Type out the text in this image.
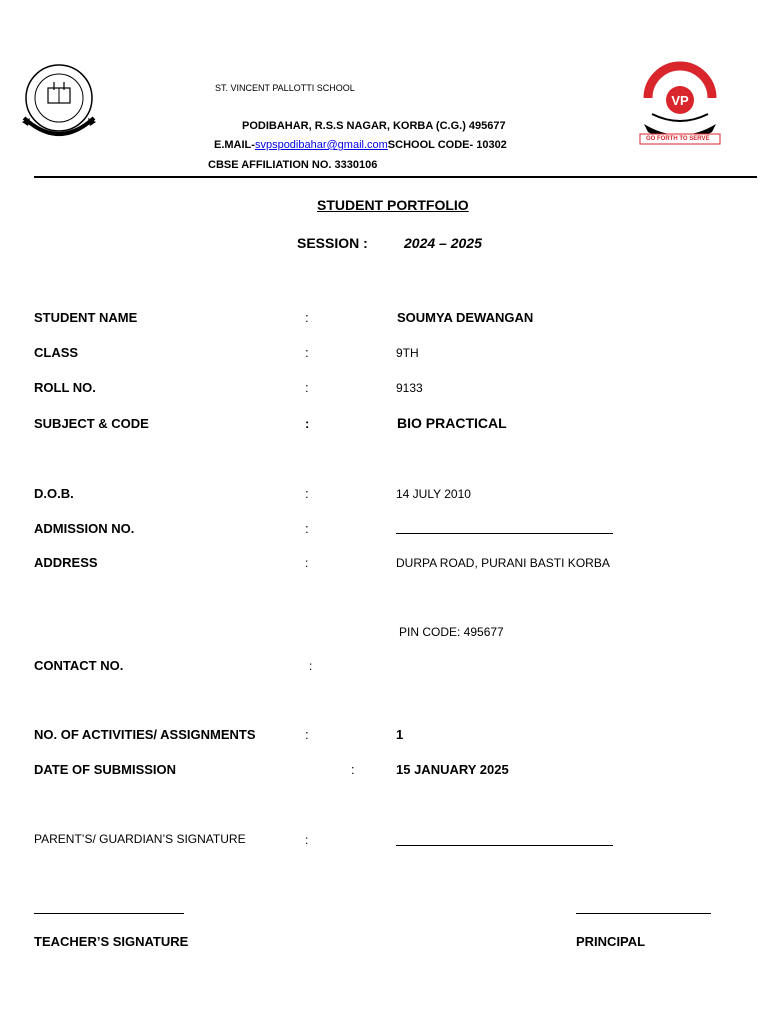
VP
GO FORTH TO SERVE
ST. VINCENT PALLOTTI SCHOOL
PODIBAHAR, R.S.S NAGAR, KORBA (C.G.) 495677
E.MAIL-svpspodibahar@gmail.comSCHOOL CODE- 10302
CBSE AFFILIATION NO. 3330106
STUDENT PORTFOLIO
SESSION :	2024 – 2025
STUDENT NAME	:	SOUMYA DEWANGAN
CLASS	:	9TH
ROLL NO.	:	9133
SUBJECT & CODE	:	BIO PRACTICAL
D.O.B.	:	14 JULY 2010
ADMISSION NO.	:
ADDRESS	:	DURPA ROAD, PURANI BASTI KORBA
PIN CODE: 495677
CONTACT NO.	:
NO. OF ACTIVITIES/ ASSIGNMENTS	:	1
DATE OF SUBMISSION	:	15 JANUARY 2025
PARENT’S/ GUARDIAN’S SIGNATURE	:
TEACHER’S SIGNATURE	PRINCIPAL
